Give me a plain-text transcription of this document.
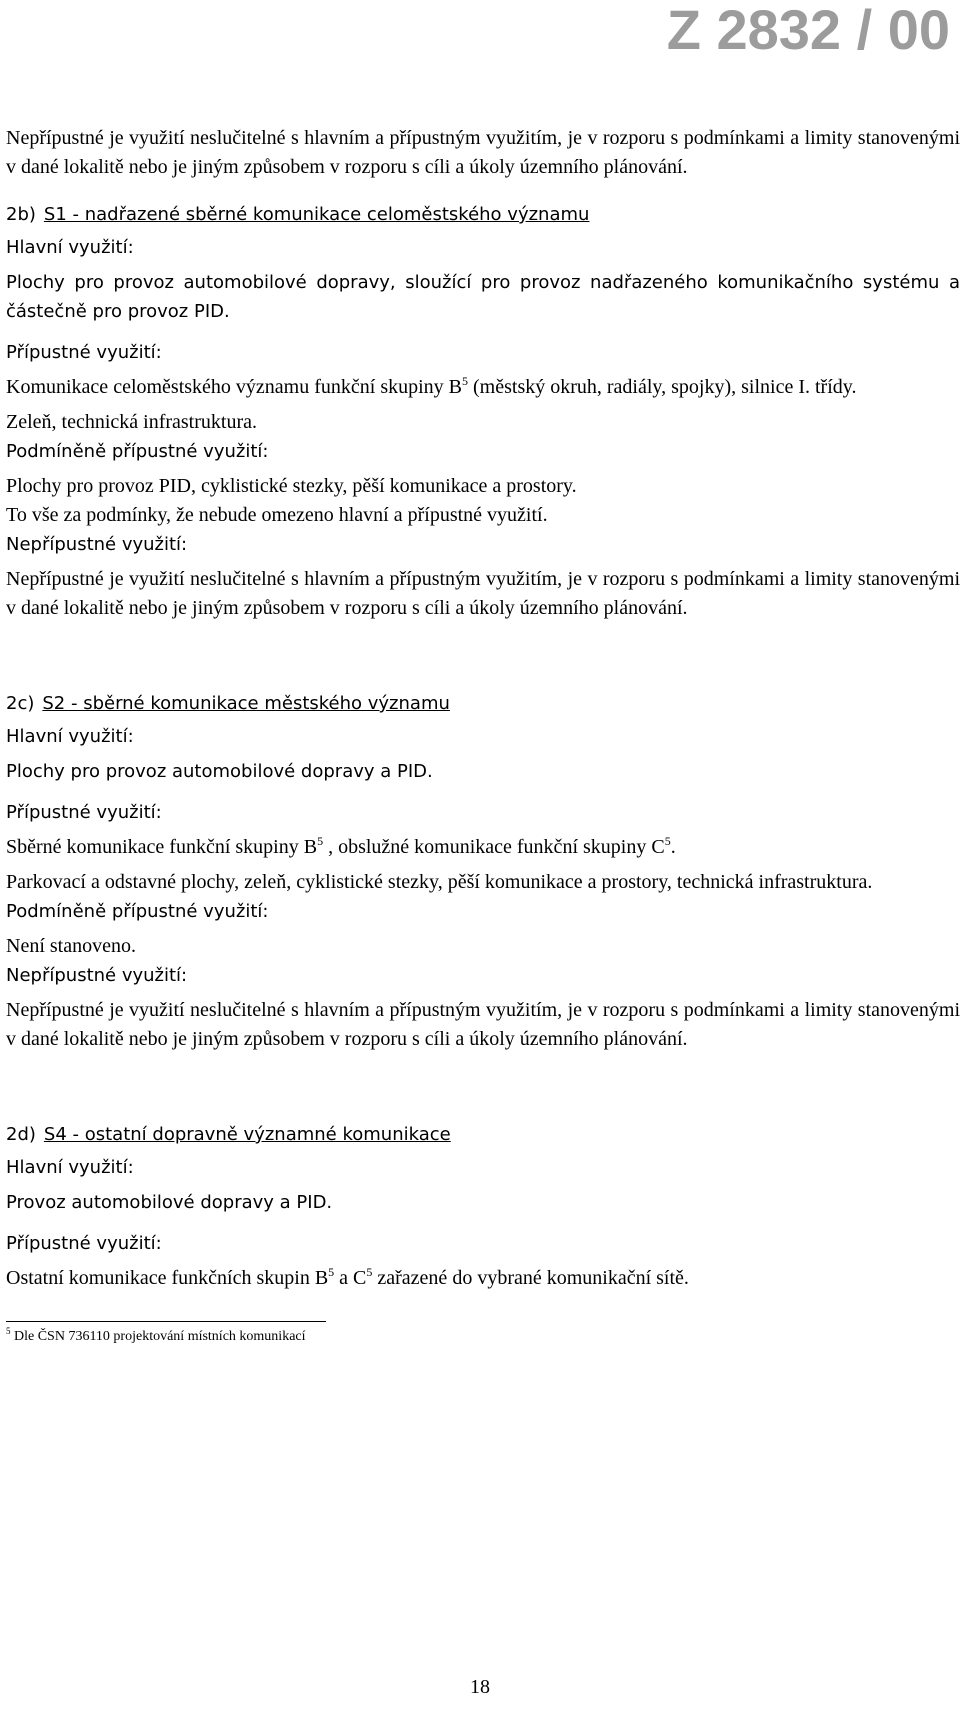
Z 2832 / 00

Nepřípustné je využití neslučitelné s hlavním a přípustným využitím, je v rozporu s podmínkami a limity stanovenými v dané lokalitě nebo je jiným způsobem v rozporu s cíli a úkoly územního plánování.

2b) S1 - nadřazené sběrné komunikace celoměstského významu

Hlavní využití:

Plochy pro provoz automobilové dopravy, sloužící pro provoz nadřazeného komunikačního systému a částečně pro provoz PID.

Přípustné využití:

Komunikace celoměstského významu funkční skupiny $B^5$ (městský okruh, radiály, spojky), silnice I. třídy.

Zeleň, technická infrastruktura.

Podmíněně přípustné využití:

Plochy pro provoz PID, cyklistické stezky, pěší komunikace a prostory.

To vše za podmínky, že nebude omezeno hlavní a přípustné využití.

Nepřípustné využití:

Nepřípustné je využití neslučitelné s hlavním a přípustným využitím, je v rozporu s podmínkami a limity stanovenými v dané lokalitě nebo je jiným způsobem v rozporu s cíli a úkoly územního plánování.

2c) S2 - sběrné komunikace městského významu

Hlavní využití:

Plochy pro provoz automobilové dopravy a PID.

Přípustné využití:

Sběrné komunikace funkční skupiny $B^5$ , obslužné komunikace funkční skupiny $C^5$.

Parkovací a odstavné plochy, zeleň, cyklistické stezky, pěší komunikace a prostory, technická infrastruktura.

Podmíněně přípustné využití:

Není stanoveno.

Nepřípustné využití:

Nepřípustné je využití neslučitelné s hlavním a přípustným využitím, je v rozporu s podmínkami a limity stanovenými v dané lokalitě nebo je jiným způsobem v rozporu s cíli a úkoly územního plánování.

2d) S4 - ostatní dopravně významné komunikace

Hlavní využití:

Provoz automobilové dopravy a PID.

Přípustné využití:

Ostatní komunikace funkčních skupin $B^5$ a $C^5$ zařazené do vybrané komunikační sítě.

$^5$ Dle ČSN 736110 projektování místních komunikací

18
